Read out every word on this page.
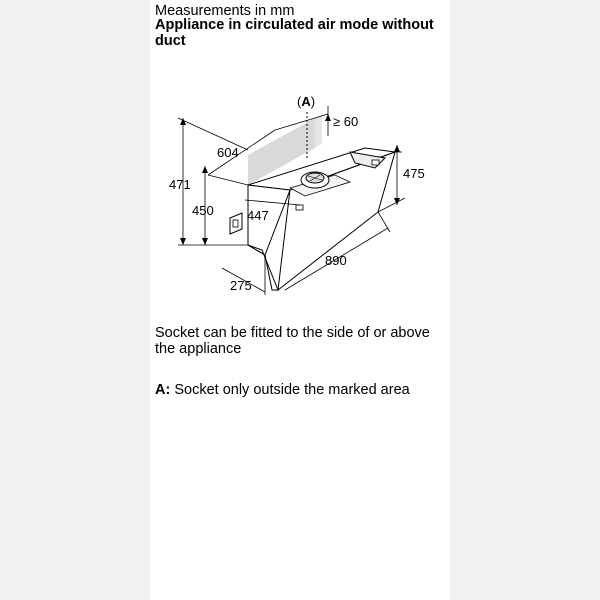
Measurements in mm

Appliance in circulated air mode without duct

(A)
≥ 60
604
471
475
450	447
890
275

Socket can be fitted to the side of or above the appliance

A: Socket only outside the marked area
